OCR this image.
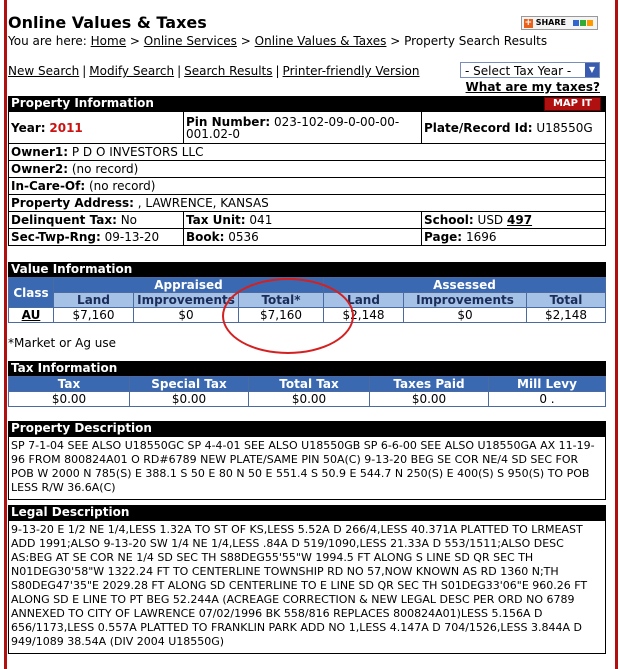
Online Values & Taxes	+ SHARE
You are here: Home > Online Services > Online Values & Taxes > Property Search Results
New Search | Modify Search | Search Results | Printer-friendly Version	- Select Tax Year -	▼
What are my taxes?
Property Information	MAP IT
Year: 2011	Pin Number: 023-102-09-0-00-00-001.02-0	Plate/Record Id: U18550G
Owner1: P D O INVESTORS LLC		
Owner2: (no record)		
In-Care-Of: (no record)		
Property Address: , LAWRENCE, KANSAS		
Delinquent Tax: No	Tax Unit: 041	School: USD 497
Sec-Twp-Rng: 09-13-20	Book: 0536	Page: 1696
Value Information
Class	Appraised			Assessed		
	Land	Improvements	Total*	Land	Improvements	Total
AU	$7,160	$0	$7,160	$2,148	$0	$2,148
*Market or Ag use
Tax Information
Tax	Special Tax	Total Tax	Taxes Paid	Mill Levy
$0.00	$0.00	$0.00	$0.00	0 .
Property Description
SP 7-1-04 SEE ALSO U18550GC SP 4-4-01 SEE ALSO U18550GB SP 6-6-00 SEE ALSO U18550GA AX 11-19-96 FROM 800824A01 O RD#6789 NEW PLATE/SAME PIN 50A(C) 9-13-20 BEG SE COR NE/4 SD SEC FOR POB W 2000 N 785(S) E 388.1 S 50 E 80 N 50 E 551.4 S 50.9 E 544.7 N 250(S) E 400(S) S 950(S) TO POB LESS R/W 36.6A(C)
Legal Description
9-13-20 E 1/2 NE 1/4,LESS 1.32A TO ST OF KS,LESS 5.52A D 266/4,LESS 40.371A PLATTED TO LRMEAST ADD 1991;ALSO 9-13-20 SW 1/4 NE 1/4,LESS .84A D 519/1090,LESS 21.33A D 553/1511;ALSO DESC AS:BEG AT SE COR NE 1/4 SD SEC TH S88DEG55'55"W 1994.5 FT ALONG S LINE SD QR SEC TH N01DEG30'58"W 1322.24 FT TO CENTERLINE TOWNSHIP RD NO 57,NOW KNOWN AS RD 1360 N;TH S80DEG47'35"E 2029.28 FT ALONG SD CENTERLINE TO E LINE SD QR SEC TH S01DEG33'06"E 960.26 FT ALONG SD E LINE TO PT BEG 52.244A (ACREAGE CORRECTION & NEW LEGAL DESC PER ORD NO 6789 ANNEXED TO CITY OF LAWRENCE 07/02/1996 BK 558/816 REPLACES 800824A01)LESS 5.156A D 656/1173,LESS 0.557A PLATTED TO FRANKLIN PARK ADD NO 1,LESS 4.147A D 704/1526,LESS 3.844A D 949/1089 38.54A (DIV 2004 U18550G)
